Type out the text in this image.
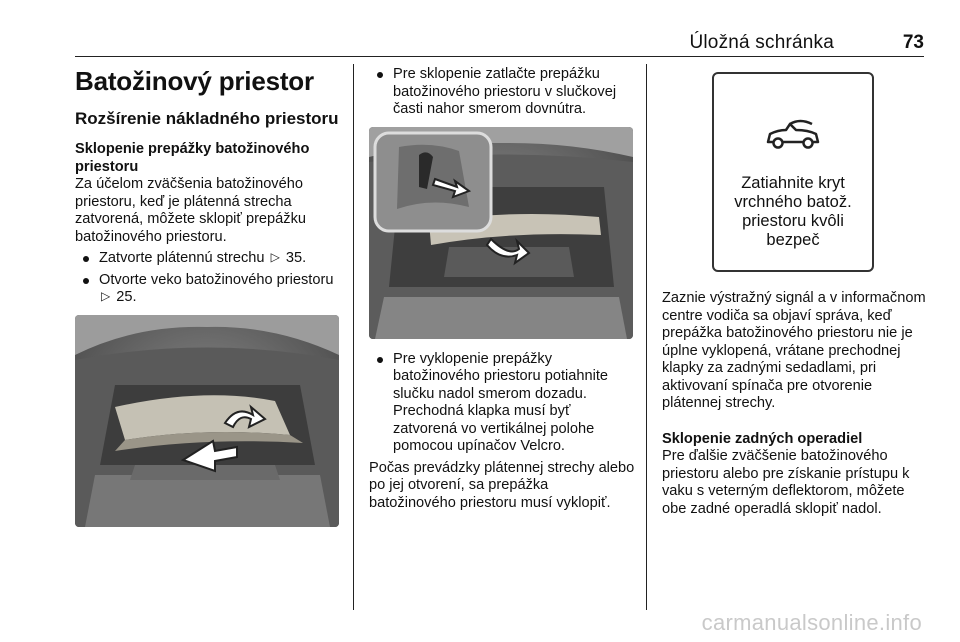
Úložná schránka	73
Batožinový priestor
Rozšírenie nákladného priestoru

Sklopenie prepážky batožinového priestoru

Za účelom zväčšenia batožinového priestoru, keď je plátenná strecha zatvorená, môžete sklopiť prepážku batožinového priestoru.

Zatvorte plátennú strechu ▷ 35.
Otvorte veko batožinového priestoru ▷ 25.
Pre sklopenie zatlačte prepážku batožinového priestoru v slučkovej časti nahor smerom dovnútra.
Pre vyklopenie prepážky batožinového priestoru potiahnite slučku nadol smerom dozadu. Prechodná klapka musí byť zatvorená vo vertikálnej polohe pomocou upínačov Velcro.

Počas prevádzky plátennej strechy alebo po jej otvorení, sa prepážka batožinového priestoru musí vyklopiť.

Zatiahnite kryt
vrchného batož.
priestoru kvôli
bezpeč

Zaznie výstražný signál a v informačnom centre vodiča sa objaví správa, keď prepážka batožinového priestoru nie je úplne vyklopená, vrátane prechodnej klapky za zadnými sedadlami, pri aktivovaní spínača pre otvorenie plátennej strechy.

Sklopenie zadných operadiel

Pre ďalšie zväčšenie batožinového priestoru alebo pre získanie prístupu k vaku s veterným deflektorom, môžete obe zadné operadlá sklopiť nadol.

carmanualsonline.info
